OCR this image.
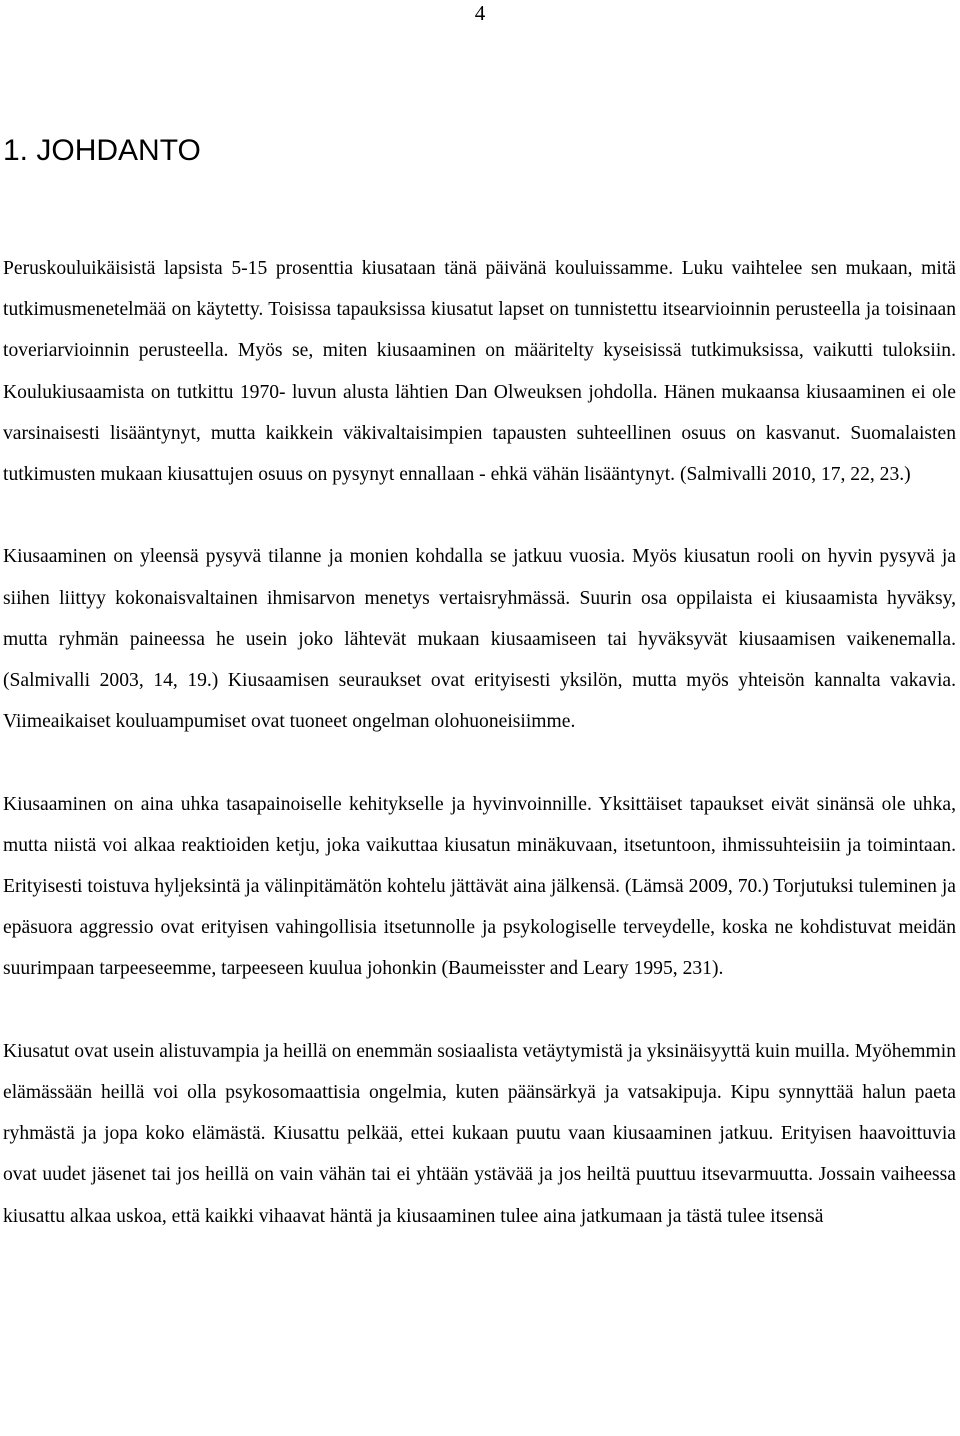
4
1. JOHDANTO

Peruskouluikäisistä lapsista 5-15 prosenttia kiusataan tänä päivänä kouluissamme. Luku vaihtelee sen mukaan, mitä tutkimusmenetelmää on käytetty. Toisissa tapauksissa kiusatut lapset on tunnistettu itsearvioinnin perusteella ja toisinaan toveriarvioinnin perusteella. Myös se, miten kiusaaminen on määritelty kyseisissä tutkimuksissa, vaikutti tuloksiin. Koulukiusaamista on tutkittu 1970- luvun alusta lähtien Dan Olweuksen johdolla. Hänen mukaansa kiusaaminen ei ole varsinaisesti lisääntynyt, mutta kaikkein väkivaltaisimpien tapausten suhteellinen osuus on kasvanut. Suomalaisten tutkimusten mukaan kiusattujen osuus on pysynyt ennallaan - ehkä vähän lisääntynyt. (Salmivalli 2010, 17, 22, 23.)

Kiusaaminen on yleensä pysyvä tilanne ja monien kohdalla se jatkuu vuosia. Myös kiusatun rooli on hyvin pysyvä ja siihen liittyy kokonaisvaltainen ihmisarvon menetys vertaisryhmässä. Suurin osa oppilaista ei kiusaamista hyväksy, mutta ryhmän paineessa he usein joko lähtevät mukaan kiusaamiseen tai hyväksyvät kiusaamisen vaikenemalla. (Salmivalli 2003, 14, 19.) Kiusaamisen seuraukset ovat erityisesti yksilön, mutta myös yhteisön kannalta vakavia. Viimeaikaiset kouluampumiset ovat tuoneet ongelman olohuoneisiimme.

Kiusaaminen on aina uhka tasapainoiselle kehitykselle ja hyvinvoinnille. Yksittäiset tapaukset eivät sinänsä ole uhka, mutta niistä voi alkaa reaktioiden ketju, joka vaikuttaa kiusatun minäkuvaan, itsetuntoon, ihmissuhteisiin ja toimintaan. Erityisesti toistuva hyljeksintä ja välinpitämätön kohtelu jättävät aina jälkensä. (Lämsä 2009, 70.) Torjutuksi tuleminen ja epäsuora aggressio ovat erityisen vahingollisia itsetunnolle ja psykologiselle terveydelle, koska ne kohdistuvat meidän suurimpaan tarpeeseemme, tarpeeseen kuulua johonkin (Baumeisster and Leary 1995, 231).

Kiusatut ovat usein alistuvampia ja heillä on enemmän sosiaalista vetäytymistä ja yksinäisyyttä kuin muilla. Myöhemmin elämässään heillä voi olla psykosomaattisia ongelmia, kuten päänsärkyä ja vatsakipuja. Kipu synnyttää halun paeta ryhmästä ja jopa koko elämästä. Kiusattu pelkää, ettei kukaan puutu vaan kiusaaminen jatkuu. Erityisen haavoittuvia ovat uudet jäsenet tai jos heillä on vain vähän tai ei yhtään ystävää ja jos heiltä puuttuu itsevarmuutta. Jossain vaiheessa kiusattu alkaa uskoa, että kaikki vihaavat häntä ja kiusaaminen tulee aina jatkumaan ja tästä tulee itsensä
